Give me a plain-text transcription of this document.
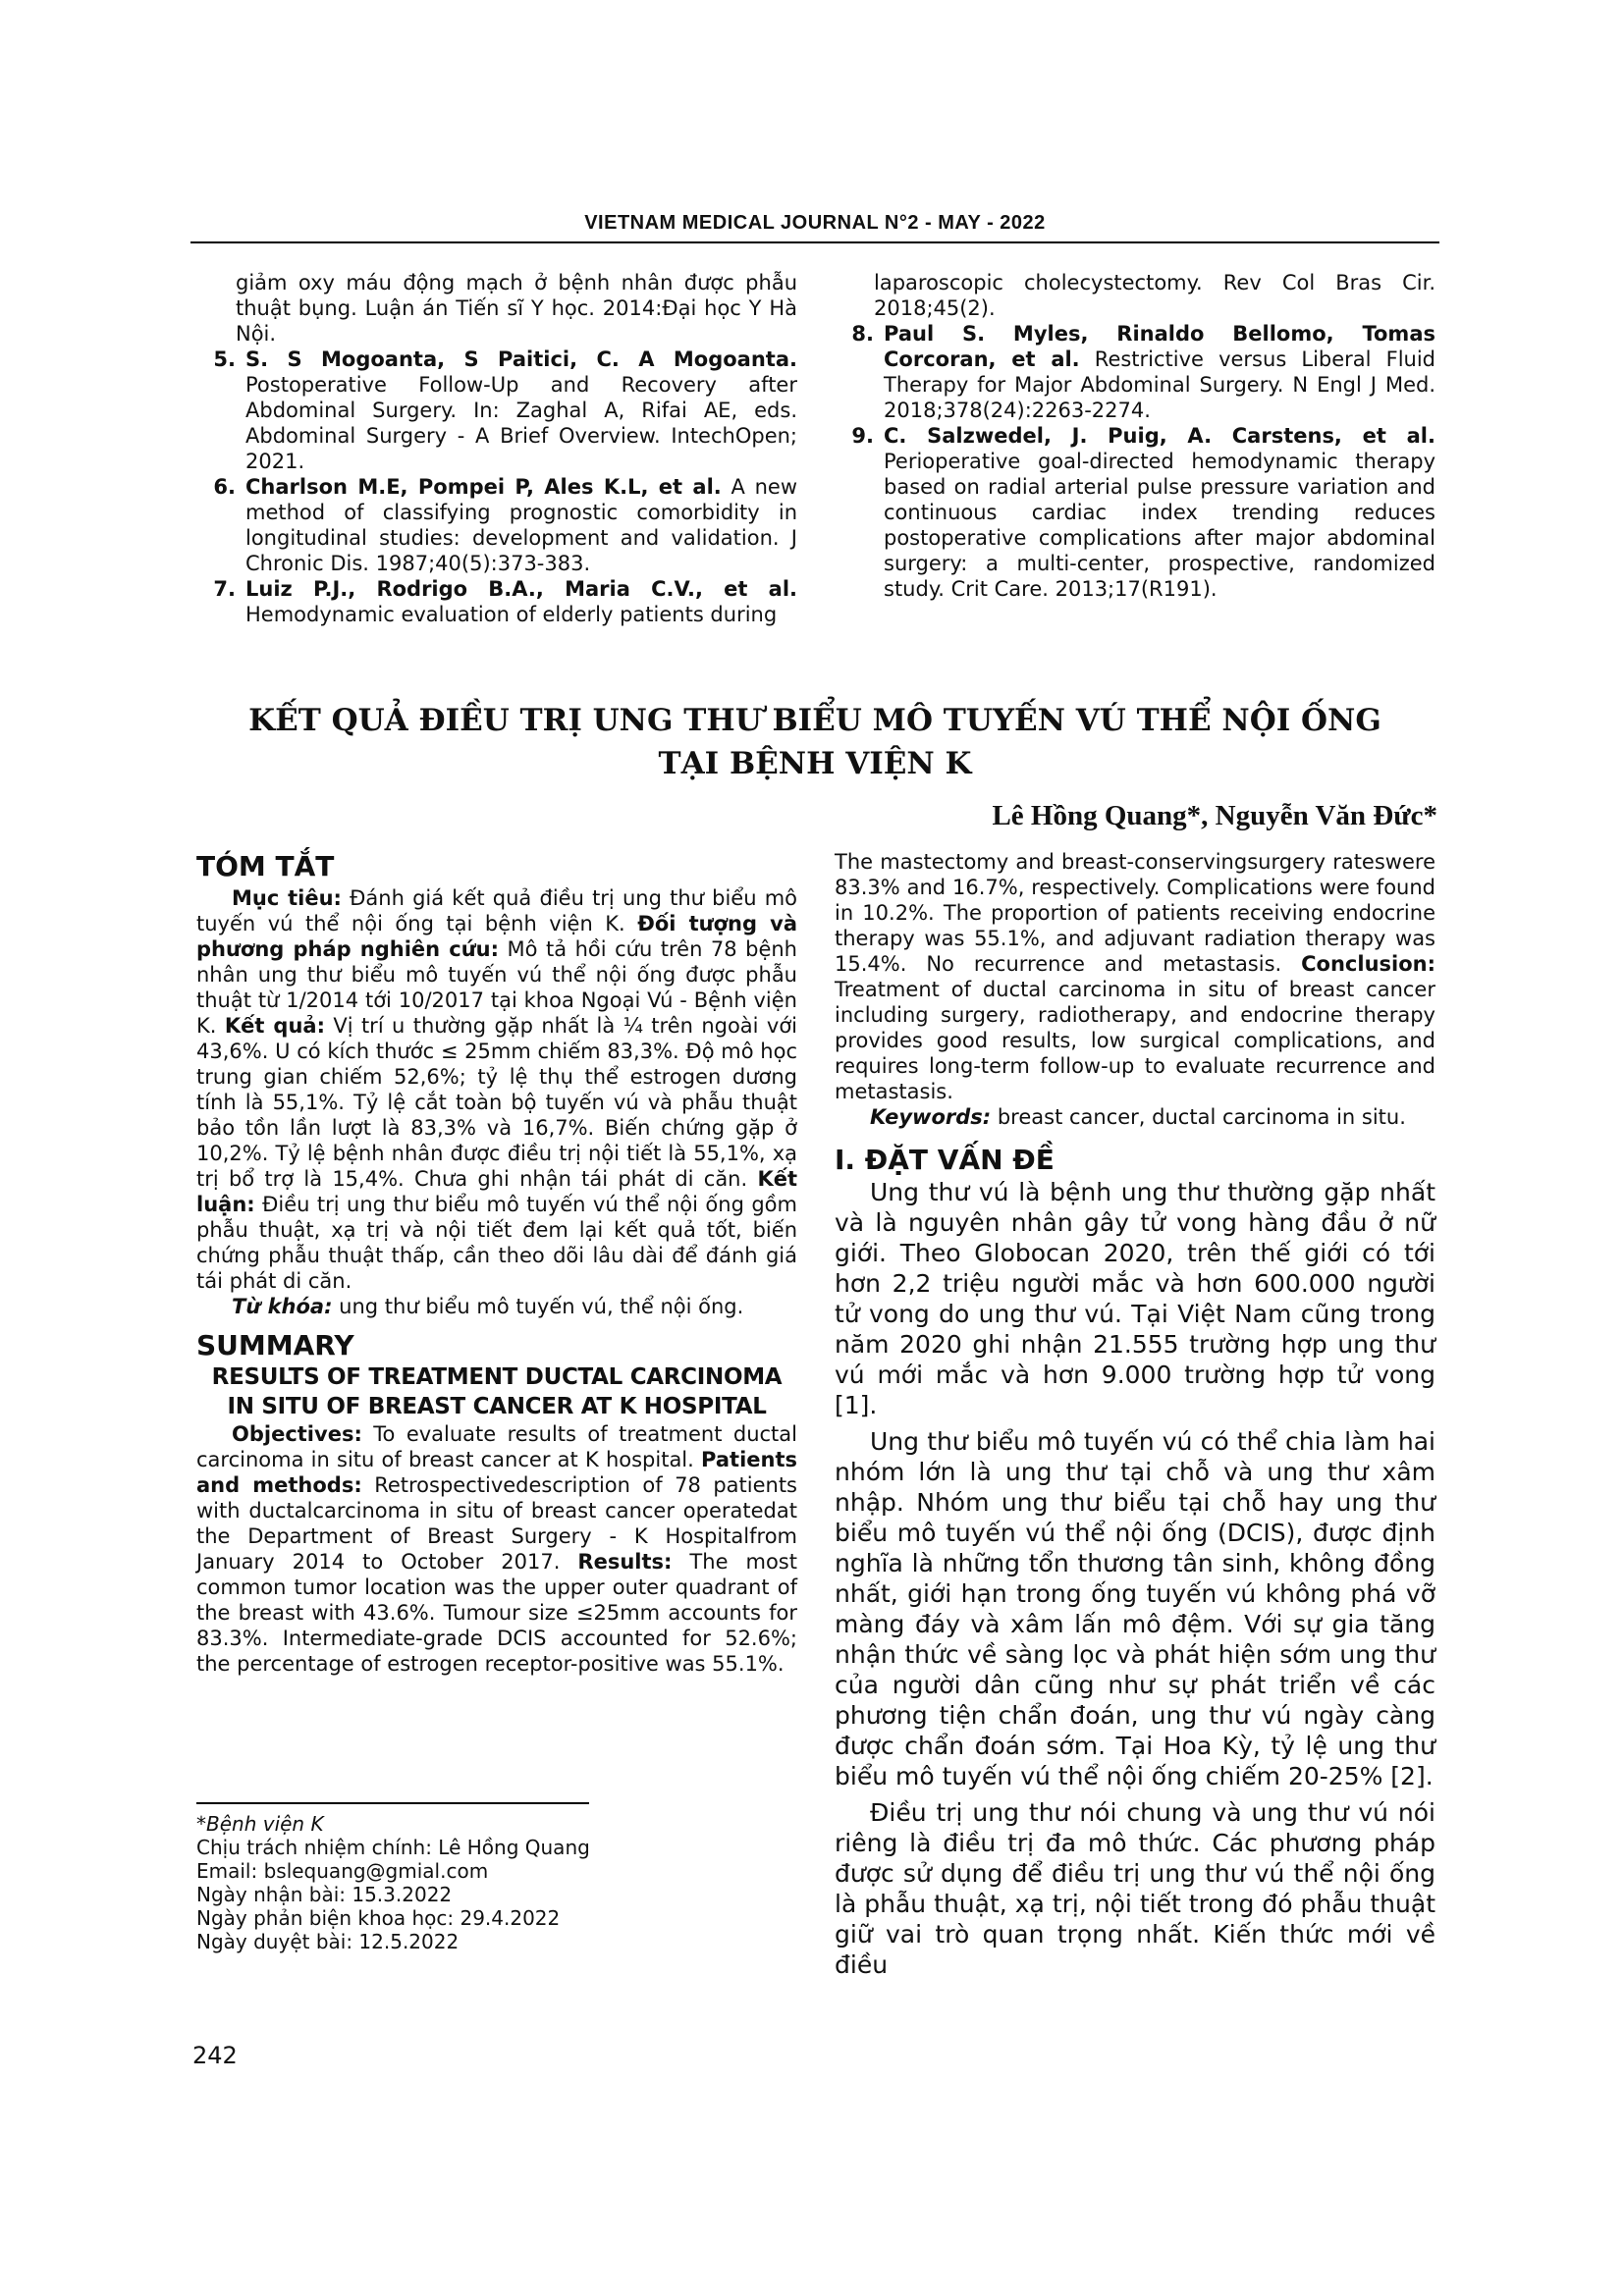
VIETNAM MEDICAL JOURNAL N°2 - MAY - 2022

giảm oxy máu động mạch ở bệnh nhân được phẫu thuật bụng. Luận án Tiến sĩ Y học. 2014:Đại học Y Hà Nội.

5. S. S Mogoanta, S Paitici, C. A Mogoanta. Postoperative Follow-Up and Recovery after Abdominal Surgery. In: Zaghal A, Rifai AE, eds. Abdominal Surgery - A Brief Overview. IntechOpen; 2021.
6. Charlson M.E, Pompei P, Ales K.L, et al. A new method of classifying prognostic comorbidity in longitudinal studies: development and validation. J Chronic Dis. 1987;40(5):373-383.
7. Luiz P.J., Rodrigo B.A., Maria C.V., et al. Hemodynamic evaluation of elderly patients during

laparoscopic cholecystectomy. Rev Col Bras Cir. 2018;45(2).

8. Paul S. Myles, Rinaldo Bellomo, Tomas Corcoran, et al. Restrictive versus Liberal Fluid Therapy for Major Abdominal Surgery. N Engl J Med. 2018;378(24):2263-2274.
9. C. Salzwedel, J. Puig, A. Carstens, et al. Perioperative goal-directed hemodynamic therapy based on radial arterial pulse pressure variation and continuous cardiac index trending reduces postoperative complications after major abdominal surgery: a multi-center, prospective, randomized study. Crit Care. 2013;17(R191).
KẾT QUẢ ĐIỀU TRỊ UNG THƯ BIỂU MÔ TUYẾN VÚ THỂ NỘI ỐNG
TẠI BỆNH VIỆN K
Lê Hồng Quang*, Nguyễn Văn Đức*
TÓM TẮT

Mục tiêu: Đánh giá kết quả điều trị ung thư biểu mô tuyến vú thể nội ống tại bệnh viện K. Đối tượng và phương pháp nghiên cứu: Mô tả hồi cứu trên 78 bệnh nhân ung thư biểu mô tuyến vú thể nội ống được phẫu thuật từ 1/2014 tới 10/2017 tại khoa Ngoại Vú - Bệnh viện K. Kết quả: Vị trí u thường gặp nhất là ¼ trên ngoài với 43,6%. U có kích thước ≤ 25mm chiếm 83,3%. Độ mô học trung gian chiếm 52,6%; tỷ lệ thụ thể estrogen dương tính là 55,1%. Tỷ lệ cắt toàn bộ tuyến vú và phẫu thuật bảo tồn lần lượt là 83,3% và 16,7%. Biến chứng gặp ở 10,2%. Tỷ lệ bệnh nhân được điều trị nội tiết là 55,1%, xạ trị bổ trợ là 15,4%. Chưa ghi nhận tái phát di căn. Kết luận: Điều trị ung thư biểu mô tuyến vú thể nội ống gồm phẫu thuật, xạ trị và nội tiết đem lại kết quả tốt, biến chứng phẫu thuật thấp, cần theo dõi lâu dài để đánh giá tái phát di căn.

Từ khóa: ung thư biểu mô tuyến vú, thể nội ống.

SUMMARY
RESULTS OF TREATMENT DUCTAL CARCINOMA IN SITU OF BREAST CANCER AT K HOSPITAL

Objectives: To evaluate results of treatment ductal carcinoma in situ of breast cancer at K hospital. Patients and methods: Retrospectivedescription of 78 patients with ductalcarcinoma in situ of breast cancer operatedat the Department of Breast Surgery - K Hospitalfrom January 2014 to October 2017. Results: The most common tumor location was the upper outer quadrant of the breast with 43.6%. Tumour size ≤25mm accounts for 83.3%. Intermediate-grade DCIS accounted for 52.6%; the percentage of estrogen receptor-positive was 55.1%.

*Bệnh viện K
Chịu trách nhiệm chính: Lê Hồng Quang
Email: bslequang@gmial.com
Ngày nhận bài: 15.3.2022
Ngày phản biện khoa học: 29.4.2022
Ngày duyệt bài: 12.5.2022

The mastectomy and breast-conservingsurgery rateswere 83.3% and 16.7%, respectively. Complications were found in 10.2%. The proportion of patients receiving endocrine therapy was 55.1%, and adjuvant radiation therapy was 15.4%. No recurrence and metastasis. Conclusion: Treatment of ductal carcinoma in situ of breast cancer including surgery, radiotherapy, and endocrine therapy provides good results, low surgical complications, and requires long-term follow-up to evaluate recurrence and metastasis.

Keywords: breast cancer, ductal carcinoma in situ.

I. ĐẶT VẤN ĐỀ

Ung thư vú là bệnh ung thư thường gặp nhất và là nguyên nhân gây tử vong hàng đầu ở nữ giới. Theo Globocan 2020, trên thế giới có tới hơn 2,2 triệu người mắc và hơn 600.000 người tử vong do ung thư vú. Tại Việt Nam cũng trong năm 2020 ghi nhận 21.555 trường hợp ung thư vú mới mắc và hơn 9.000 trường hợp tử vong [1].

Ung thư biểu mô tuyến vú có thể chia làm hai nhóm lớn là ung thư tại chỗ và ung thư xâm nhập. Nhóm ung thư biểu tại chỗ hay ung thư biểu mô tuyến vú thể nội ống (DCIS), được định nghĩa là những tổn thương tân sinh, không đồng nhất, giới hạn trong ống tuyến vú không phá vỡ màng đáy và xâm lấn mô đệm. Với sự gia tăng nhận thức về sàng lọc và phát hiện sớm ung thư của người dân cũng như sự phát triển về các phương tiện chẩn đoán, ung thư vú ngày càng được chẩn đoán sớm. Tại Hoa Kỳ, tỷ lệ ung thư biểu mô tuyến vú thể nội ống chiếm 20-25% [2].

Điều trị ung thư nói chung và ung thư vú nói riêng là điều trị đa mô thức. Các phương pháp được sử dụng để điều trị ung thư vú thể nội ống là phẫu thuật, xạ trị, nội tiết trong đó phẫu thuật giữ vai trò quan trọng nhất. Kiến thức mới về điều

242
